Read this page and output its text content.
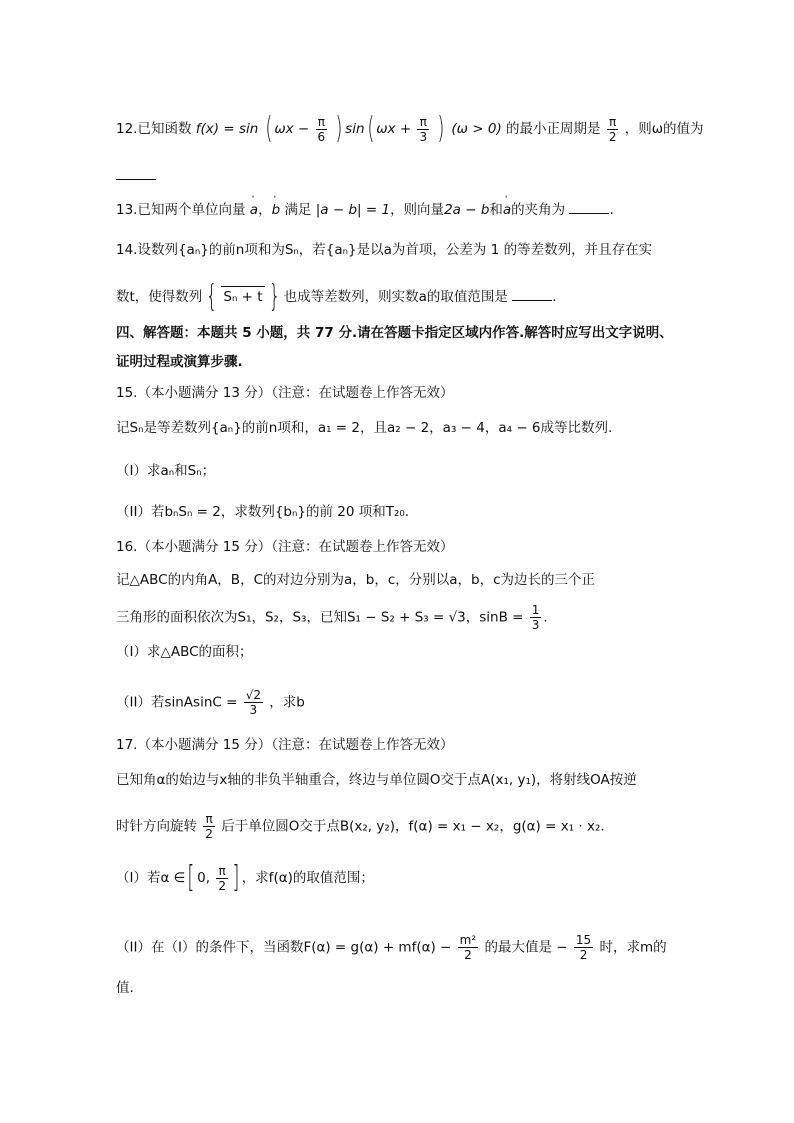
12.已知函数 f(x) = sin ( $\omega x - \frac{\pi}{6}$ ) sin( $\omega x + \frac{\pi}{3}$ ) (ω > 0) 的最小正周期是 $\frac{\pi}{2}$ ，则ω的值为
13.已知两个单位向量 ' a，' b 满足 |a − b| = 1，则向量2a − b和' a的夹角为	.
14.设数列{aₙ}的前n项和为Sₙ，若{aₙ}是以a为首项，公差为 1 的等差数列，并且存在实
数t，使得数列 { Sₙ + t } 也成等差数列，则实数a的取值范围是	.
四、解答题：本题共 5 小题，共 77 分.请在答题卡指定区域内作答.解答时应写出文字说明、
证明过程或演算步骤.
15.（本小题满分 13 分）（注意：在试题卷上作答无效）
记Sₙ是等差数列{aₙ}的前n项和，a₁ = 2，且a₂ − 2，a₃ − 4，a₄ − 6成等比数列.
（I）求aₙ和Sₙ；
（II）若bₙSₙ = 2，求数列{bₙ}的前 20 项和T₂₀.
16.（本小题满分 15 分）（注意：在试题卷上作答无效）
记△ABC的内角A，B，C的对边分别为a，b，c，分别以a，b，c为边长的三个正
三角形的面积依次为S₁，S₂，S₃，已知S₁ − S₂ + S₃ = √3，$\sin B = \frac{1}{3}$ .
（I）求△ABC的面积；
（II）若sinAsinC = $\frac{√2}{3}$ ，求b
17.（本小题满分 15 分）（注意：在试题卷上作答无效）
已知角α的始边与x轴的非负半轴重合，终边与单位圆O交于点A(x₁, y₁)，将射线OA按逆
时针方向旋转 $\frac{\pi}{2}$ 后于单位圆O交于点B(x₂, y₂)，f(α) = x₁ − x₂，g(α) = x₁ · x₂.
（I）若α ∈[ 0, $\frac{\pi}{2}$ ] ，求f(α)的取值范围；
（II）在（I）的条件下，当函数$F(\alpha) = g(\alpha) + mf(\alpha) - \frac{\text{m²}}{2}$ 的最大值是 − $\frac{15}{2}$ 时，求m的
值.
